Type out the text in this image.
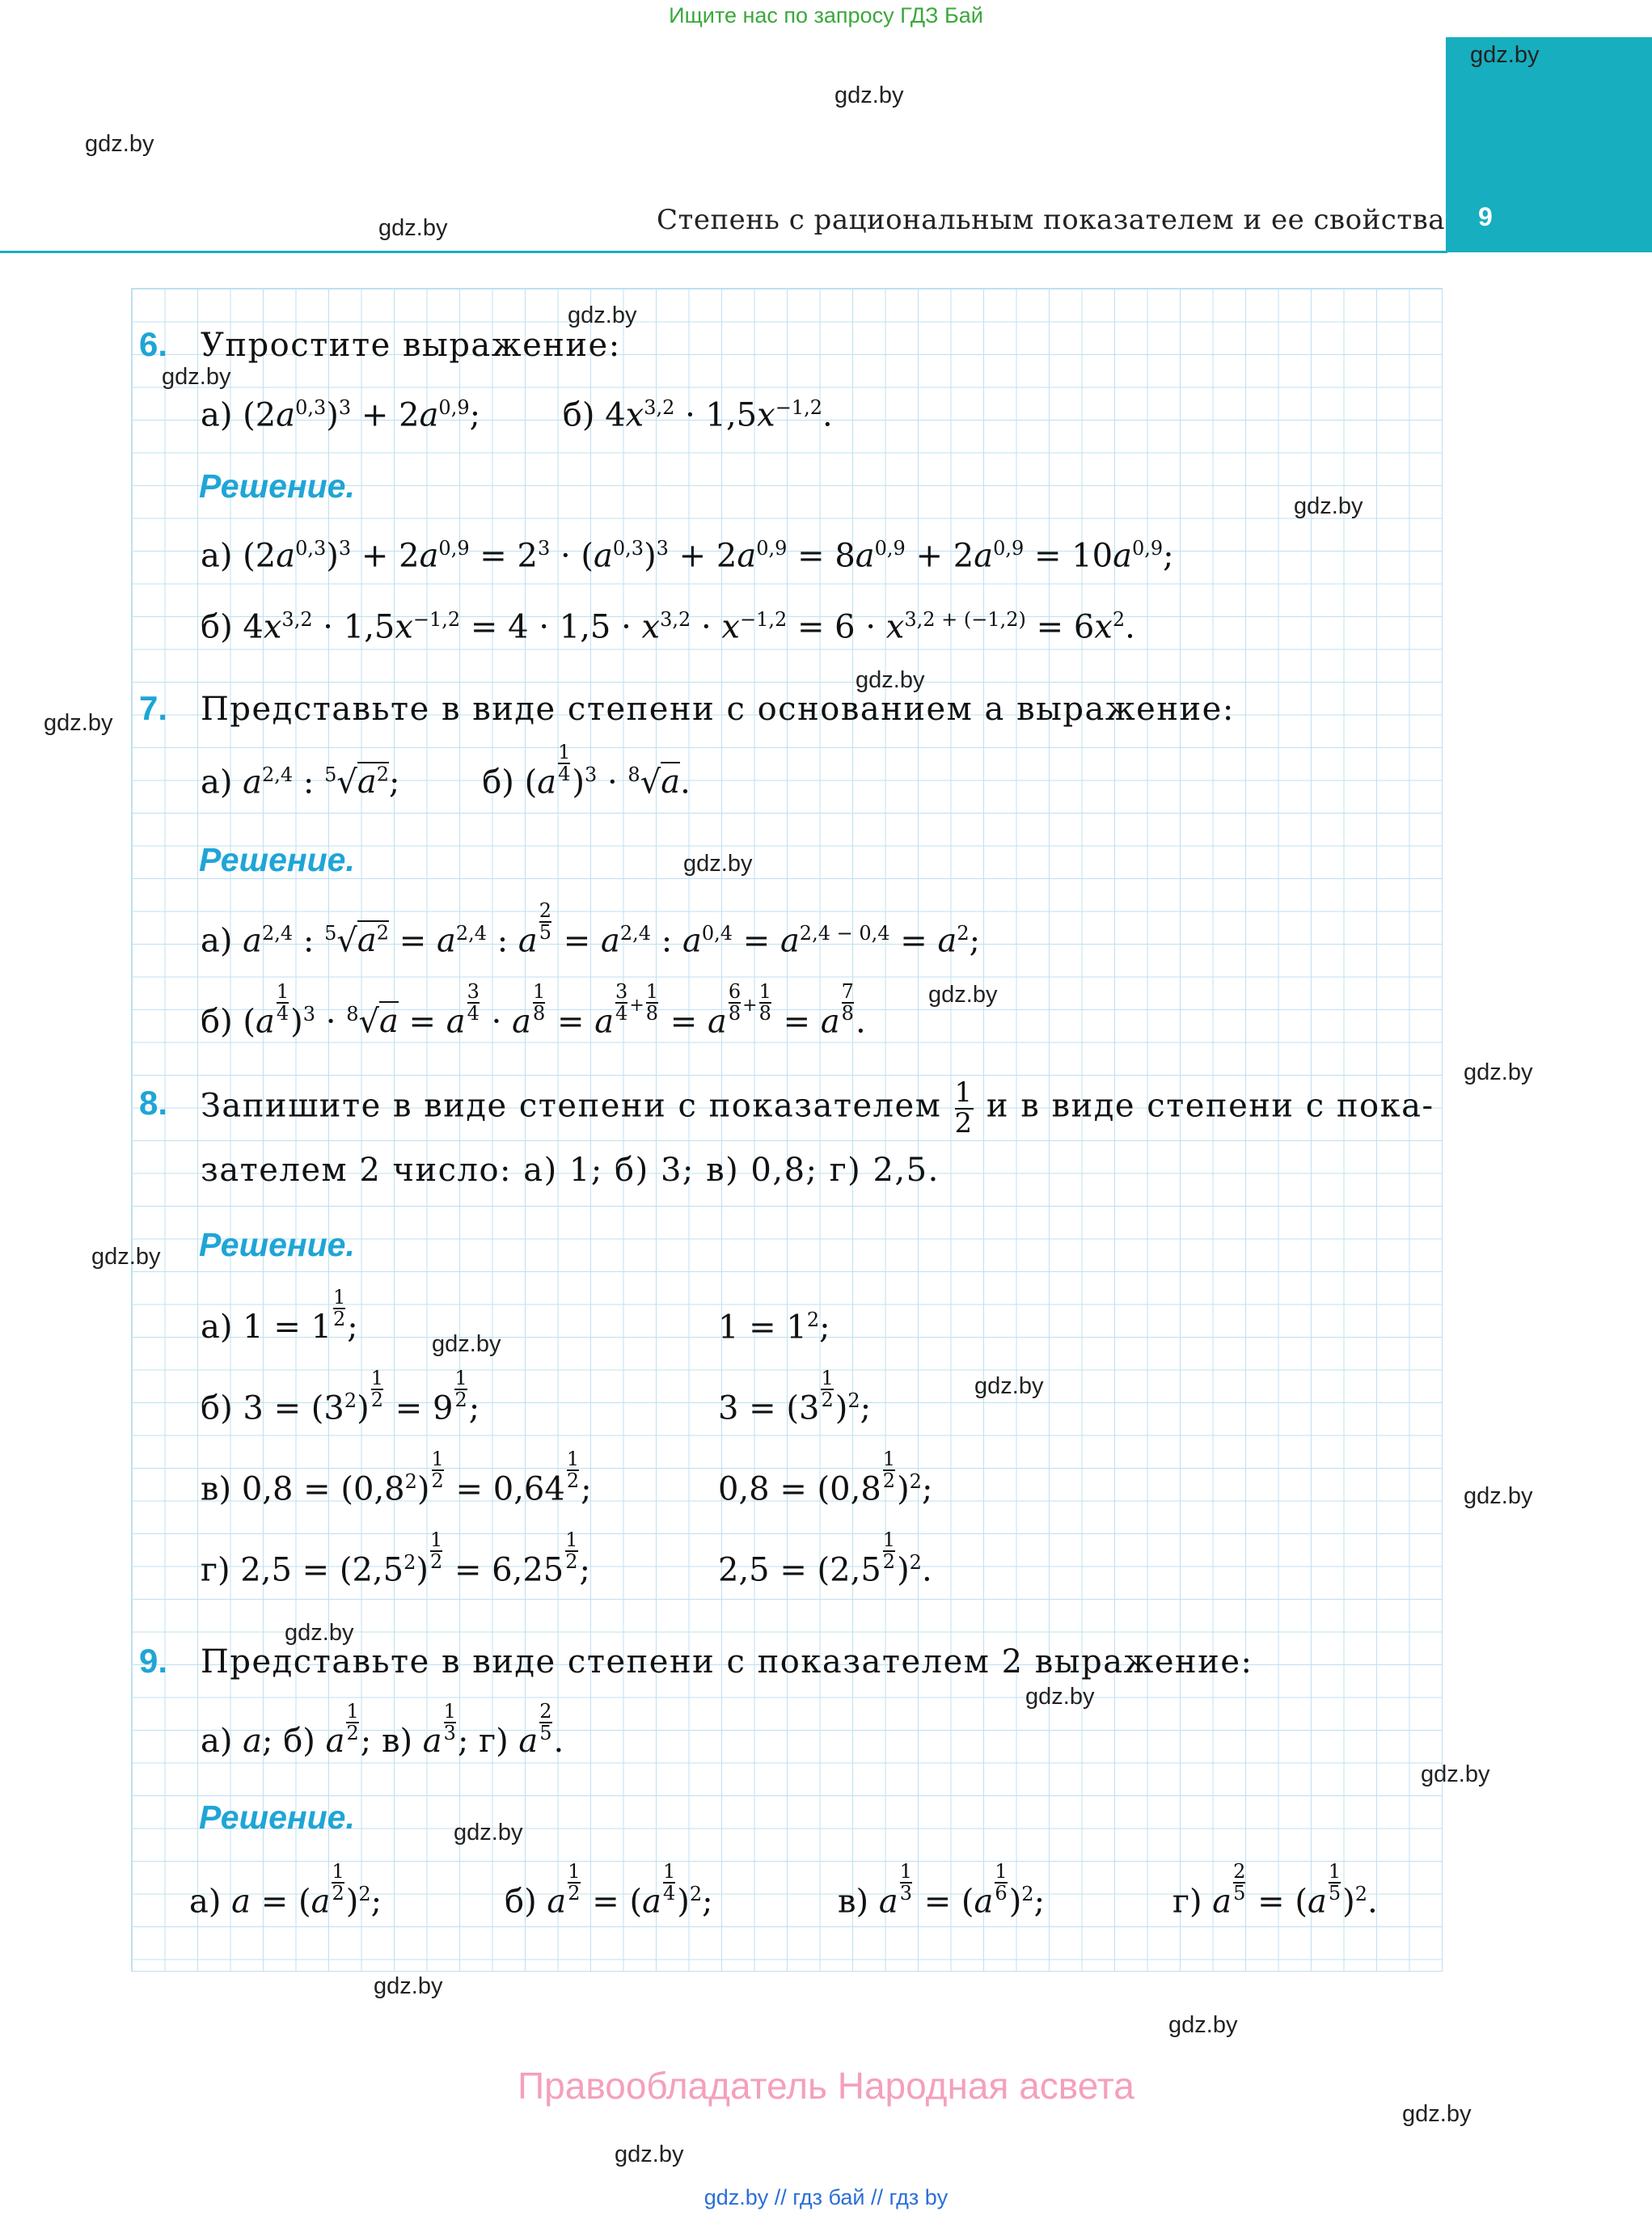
Ищите нас по запросу ГДЗ Бай
9
Степень с рациональным показателем и ее свойства
gdz.by
gdz.by
gdz.by
gdz.by
gdz.by
gdz.by
gdz.by
gdz.by
gdz.by
gdz.by
gdz.by
gdz.by
gdz.by
gdz.by
gdz.by
gdz.by
gdz.by
gdz.by
gdz.by
gdz.by
gdz.by
gdz.by
gdz.by
gdz.by
6. Упростите выражение:
а) $(2a^{0,3})^3 + 2a^{0,9}$;        б) $4x^{3,2} \cdot 1,5x^{-1,2}$.
Решение.
а) $(2a^{0,3})^3 + 2a^{0,9} = 2^3 \cdot (a^{0,3})^3 + 2a^{0,9} = 8a^{0,9} + 2a^{0,9} = 10a^{0,9}$;
б) $4x^{3,2} \cdot 1,5x^{-1,2} = 4 \cdot 1,5 \cdot x^{3,2} \cdot x^{-1,2} = 6 \cdot x^{3,2 + (-1,2)} = 6x^2$.
7. Представьте в виде степени с основанием a выражение:
а) $a^{2,4}$ : $^5√a^2$;        б) $(a \frac{1}{4} )^3 \cdot ^8√a$.
Решение.
а) $a^{2,4}$ : $^5√a^2 = a^{2,4}$ : a $\frac{2}{5} = a^{2,4}$ : $a^{0,4} = a^{2,4 - 0,4} = a^2$;
б) $(a \frac{1}{4} )^3 \cdot ^8√a = a \frac{3}{4} \cdot a \frac{1}{8} = a \frac{3}{4} ^+ \frac{1}{8} = a \frac{6}{8} ^+ \frac{1}{8} = a \frac{7}{8}$ .
8. Запишите в виде степени с показателем $\frac{1}{2}$ и в виде степени с пока-
зателем 2 число: а) 1; б) 3; в) 0,8; г) 2,5.
Решение.
а) $1 = 1 \frac{1}{2}$ ;	$1 = 1^2$;
б) $3 = (3^2) \frac{1}{2} = 9 \frac{1}{2}$ ;	$3 = (3 \frac{1}{2} )^2$;
в) $0,8 = (0,8^2) \frac{1}{2} = 0,64 \frac{1}{2}$ ;	$0,8 = (0,8 \frac{1}{2} )^2$;
г) $2,5 = (2,5^2) \frac{1}{2} = 6,25 \frac{1}{2}$ ;	$2,5 = (2,5 \frac{1}{2} )^2$.
9. Представьте в виде степени с показателем 2 выражение:
а) a; б) a $\frac{1}{2}$ ; в) a $\frac{1}{3}$ ; г) a $\frac{2}{5}$ .
Решение.
а) $a = (a \frac{1}{2} )^2$;	б) a $\frac{1}{2} = (a \frac{1}{4} )^2$;	в) a $\frac{1}{3} = (a \frac{1}{6} )^2$;	г) a $\frac{2}{5} = (a \frac{1}{5} )^2$.
Правообладатель Народная асвета
gdz.by // гдз бай // гдз by
